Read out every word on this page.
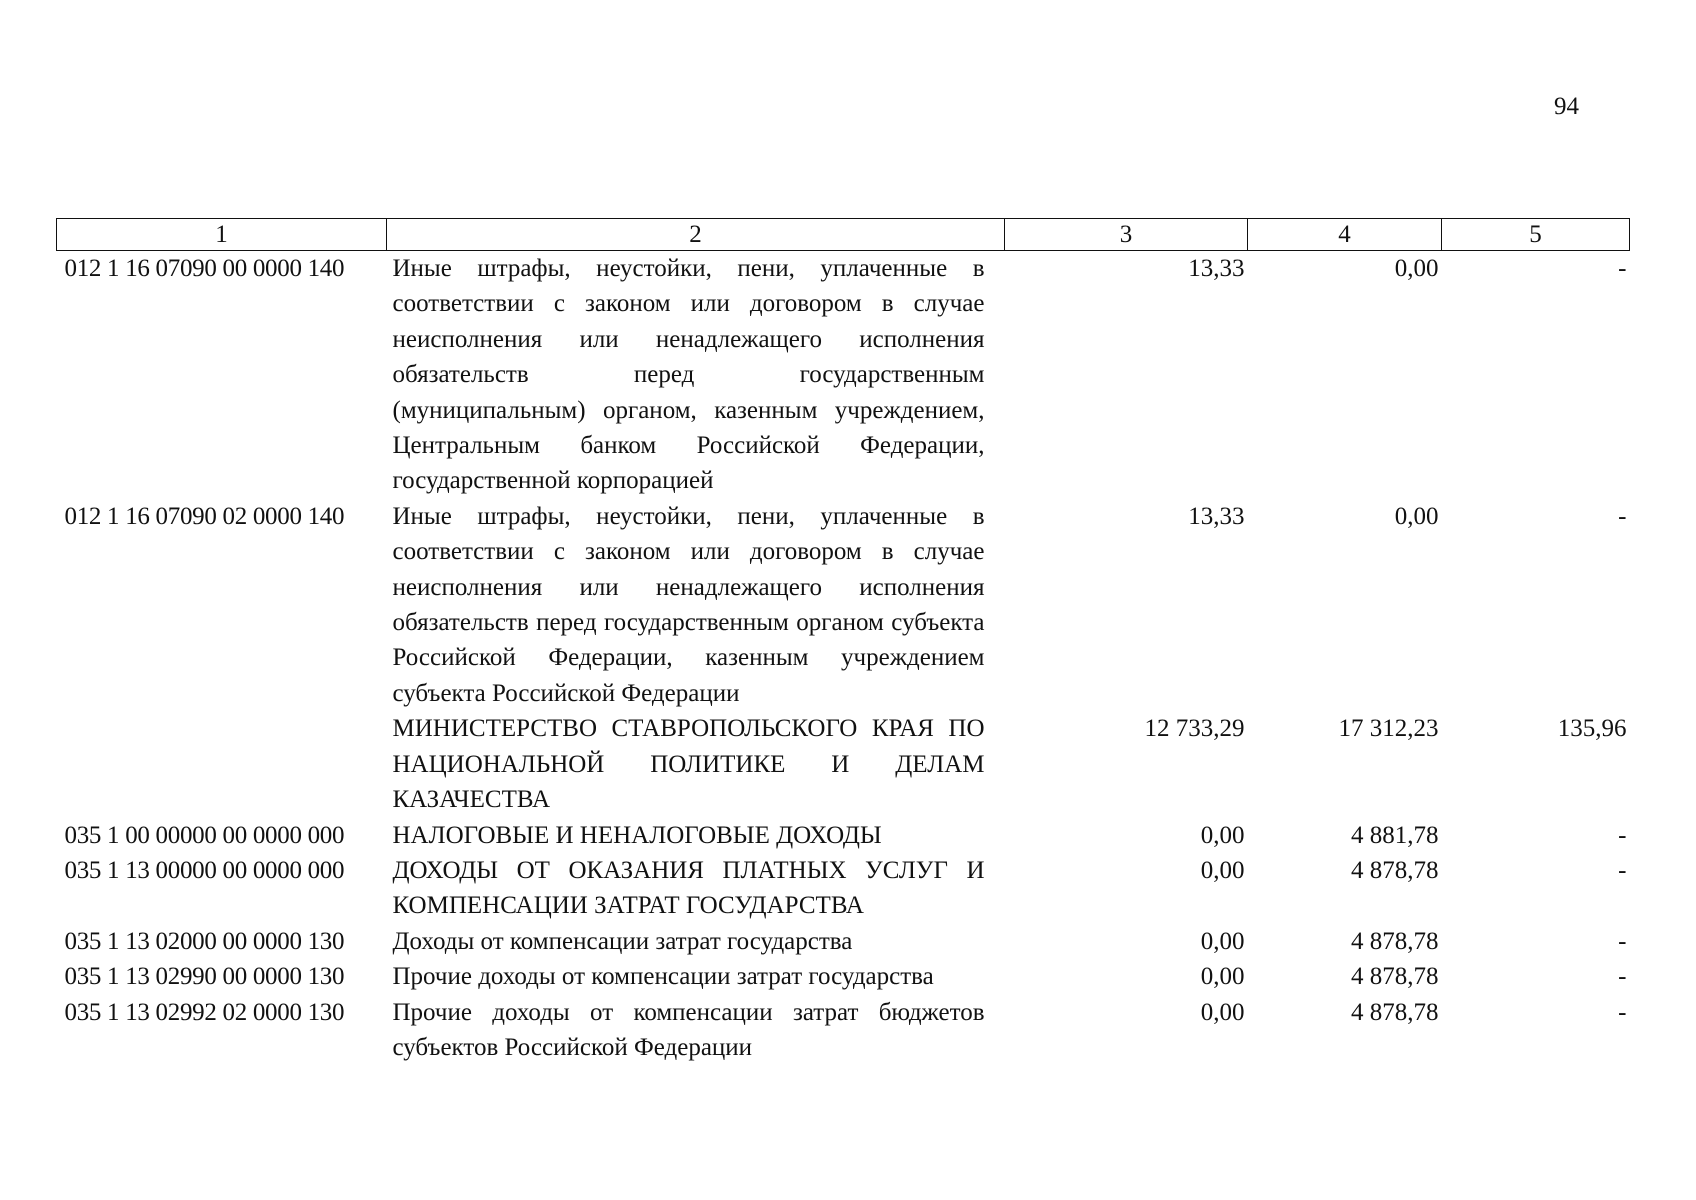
94
1	2	3	4	5
012 1 16 07090 00 0000 140	Иные штрафы, неустойки, пени, уплаченные в соответствии с законом или договором в случае неисполнения или ненадлежащего исполнения обязательств перед государственным (муниципальным) органом, казенным учреждением, Центральным банком Российской Федерации, государственной корпорацией	13,33	0,00	-
012 1 16 07090 02 0000 140	Иные штрафы, неустойки, пени, уплаченные в соответствии с законом или договором в случае неисполнения или ненадлежащего исполнения обязательств перед государственным органом субъекта Российской Федерации, казенным учреждением субъекта Российской Федерации	13,33	0,00	-
	МИНИСТЕРСТВО СТАВРОПОЛЬСКОГО КРАЯ ПО НАЦИОНАЛЬНОЙ ПОЛИТИКЕ И ДЕЛАМ КАЗАЧЕСТВА	12 733,29	17 312,23	135,96
035 1 00 00000 00 0000 000	НАЛОГОВЫЕ И НЕНАЛОГОВЫЕ ДОХОДЫ	0,00	4 881,78	-
035 1 13 00000 00 0000 000	ДОХОДЫ ОТ ОКАЗАНИЯ ПЛАТНЫХ УСЛУГ И КОМПЕНСАЦИИ ЗАТРАТ ГОСУДАРСТВА	0,00	4 878,78	-
035 1 13 02000 00 0000 130	Доходы от компенсации затрат государства	0,00	4 878,78	-
035 1 13 02990 00 0000 130	Прочие доходы от компенсации затрат государства	0,00	4 878,78	-
035 1 13 02992 02 0000 130	Прочие доходы от компенсации затрат бюджетов субъектов Российской Федерации	0,00	4 878,78	-
